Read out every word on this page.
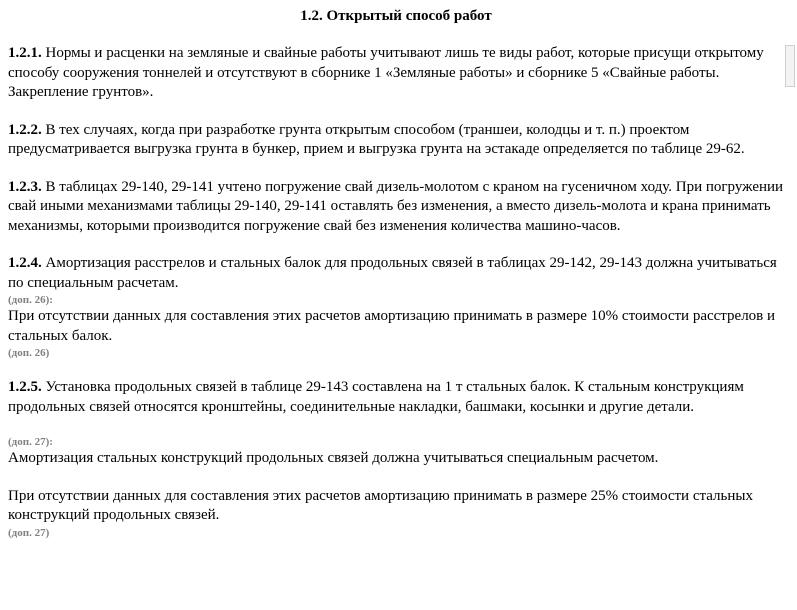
1.2. Открытый способ работ

1.2.1. Нормы и расценки на земляные и свайные работы учитывают лишь те виды работ, которые присущи открытому способу сооружения тоннелей и отсутствуют в сборнике 1 «Земляные работы» и сборнике 5 «Свайные работы. Закрепление грунтов».

1.2.2. В тех случаях, когда при разработке грунта открытым способом (траншеи, колодцы и т. п.) проектом предусматривается выгрузка грунта в бункер, прием и выгрузка грунта на эстакаде определяется по таблице 29-62.

1.2.3. В таблицах 29-140, 29-141 учтено погружение свай дизель-молотом с краном на гусеничном ходу. При погружении свай иными механизмами таблицы 29-140, 29-141 оставлять без изменения, а вместо дизель-молота и крана принимать механизмы, которыми производится погружение свай без изменения количества машино-часов.

1.2.4. Амортизация расстрелов и стальных балок для продольных связей в таблицах 29-142, 29-143 должна учитываться по специальным расчетам.

(доп. 26):

При отсутствии данных для составления этих расчетов амортизацию принимать в размере 10% стоимости расстрелов и стальных балок.

(доп. 26)

1.2.5. Установка продольных связей в таблице 29-143 составлена на 1 т стальных балок. К стальным конструкциям продольных связей относятся кронштейны, соединительные накладки, башмаки, косынки и другие детали.

(доп. 27):

Амортизация стальных конструкций продольных связей должна учитываться специальным расчетом.

При отсутствии данных для составления этих расчетов амортизацию принимать в размере 25% стоимости стальных конструкций продольных связей.

(доп. 27)
